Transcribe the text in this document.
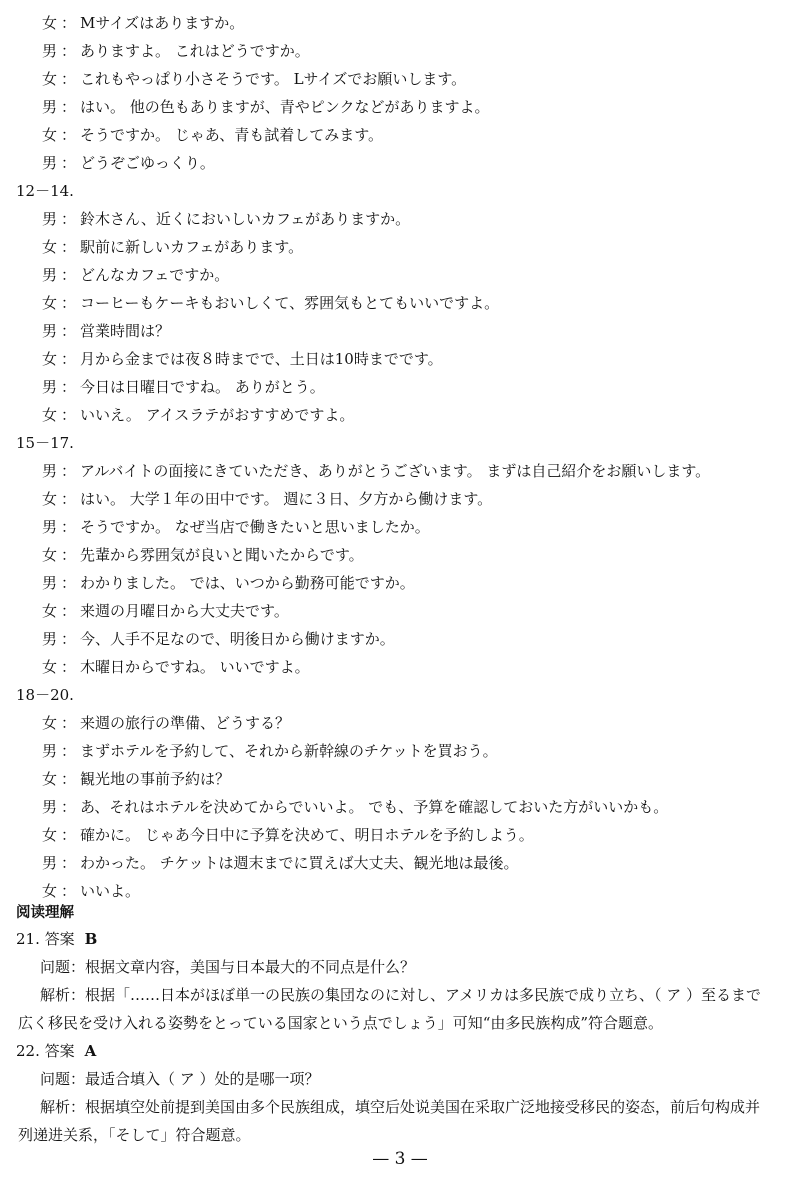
女 ： Mサイズはありますか。
男 ： ありますよ。 これはどうですか。
女 ： これもやっぱり小さそうです。 Lサイズでお願いします。
男 ： はい。 他の色もありますが、青やピンクなどがありますよ。
女 ： そうですか。 じゃあ、青も試着してみます。
男 ： どうぞごゆっくり。
12－14.
男 ： 鈴木さん、近くにおいしいカフェがありますか。
女 ： 駅前に新しいカフェがあります。
男 ： どんなカフェですか。
女 ： コーヒーもケーキもおいしくて、雰囲気もとてもいいですよ。
男 ： 営業時間は？
女 ： 月から金までは夜８時までで、土日は10時までです。
男 ： 今日は日曜日ですね。 ありがとう。
女 ： いいえ。 アイスラテがおすすめですよ。
15－17.
男 ： アルバイトの面接にきていただき、ありがとうございます。 まずは自己紹介をお願いします。
女 ： はい。 大学１年の田中です。 週に３日、夕方から働けます。
男 ： そうですか。 なぜ当店で働きたいと思いましたか。
女 ： 先輩から雰囲気が良いと聞いたからです。
男 ： わかりました。 では、いつから勤務可能ですか。
女 ： 来週の月曜日から大丈夫です。
男 ： 今、人手不足なので、明後日から働けますか。
女 ： 木曜日からですね。 いいですよ。
18－20.
女 ： 来週の旅行の準備、どうする？
男 ： まずホテルを予約して、それから新幹線のチケットを買おう。
女 ： 観光地の事前予約は？
男 ： あ、それはホテルを決めてからでいいよ。 でも、予算を確認しておいた方がいいかも。
女 ： 確かに。 じゃあ今日中に予算を決めて、明日ホテルを予約しよう。
男 ： わかった。 チケットは週末までに買えば大丈夫、観光地は最後。
女 ： いいよ。
阅读理解
21. 答案 B
问题：根据文章内容，美国与日本最大的不同点是什么？
解析：根据「……日本がほぼ単一の民族の集団なのに対し、アメリカは多民族で成り立ち、（ ア ）至るまで
広く移民を受け入れる姿勢をとっている国家という点でしょう」可知“由多民族构成”符合题意。
22. 答案 A
问题：最适合填入（ ア ）处的是哪一项？
解析：根据填空处前提到美国由多个民族组成，填空后处说美国在采取广泛地接受移民的姿态，前后句构成并
列递进关系，「そして」符合题意。
— 3 —
